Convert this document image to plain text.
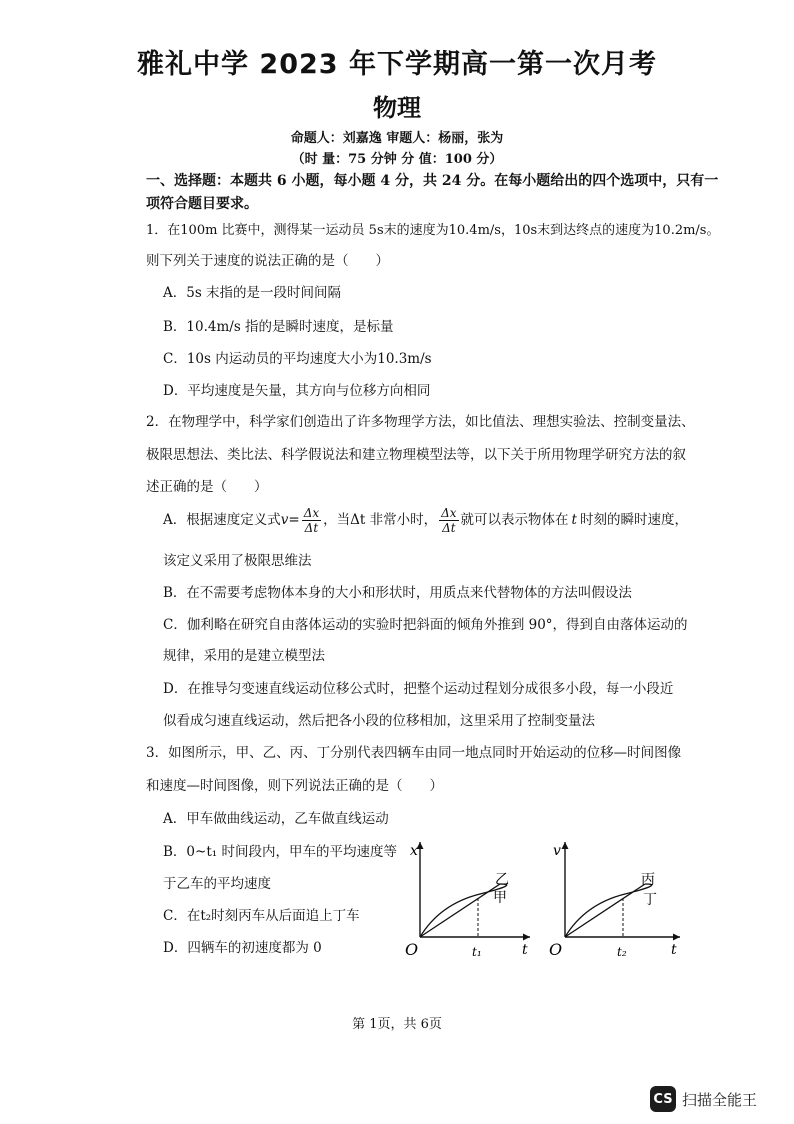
雅礼中学 2023 年下学期高一第一次月考
物理
命题人：刘嘉逸 审题人：杨丽，张为
（时 量：75 分钟 分 值：100 分）
一、选择题：本题共 6 小题，每小题 4 分，共 24 分。在每小题给出的四个选项中，只有一
项符合题目要求。
1．在100m 比赛中，测得某一运动员 5s末的速度为10.4m/s，10s末到达终点的速度为10.2m/s。
则下列关于速度的说法正确的是（　　）
A．5s 末指的是一段时间间隔
B．10.4m/s 指的是瞬时速度，是标量
C．10s 内运动员的平均速度大小为10.3m/s
D．平均速度是矢量，其方向与位移方向相同
2．在物理学中，科学家们创造出了许多物理学方法，如比值法、理想实验法、控制变量法、
极限思想法、类比法、科学假说法和建立物理模型法等，以下关于所用物理学研究方法的叙
述正确的是（　　）
A．根据速度定义式 $v = \frac{\Delta x}{\Delta t}$ ，当Δt 非常小时， $\frac{\Delta x}{\Delta t}$ 就可以表示物体在 t 时刻的瞬时速度，
该定义采用了极限思维法
B．在不需要考虑物体本身的大小和形状时，用质点来代替物体的方法叫假设法
C．伽利略在研究自由落体运动的实验时把斜面的倾角外推到 90°，得到自由落体运动的
规律，采用的是建立模型法
D．在推导匀变速直线运动位移公式时，把整个运动过程划分成很多小段，每一小段近
似看成匀速直线运动，然后把各小段的位移相加，这里采用了控制变量法
3．如图所示，甲、乙、丙、丁分别代表四辆车由同一地点同时开始运动的位移—时间图像
和速度—时间图像，则下列说法正确的是（　　）
A．甲车做曲线运动，乙车做直线运动
B．0~t₁ 时间段内，甲车的平均速度等
于乙车的平均速度
C．在t₂时刻丙车从后面追上丁车
D．四辆车的初速度都为 0
x
t
O	t₁
乙
甲
v
t
O	t₂
丙
丁
第 1页，共 6页
CS 扫描全能王
